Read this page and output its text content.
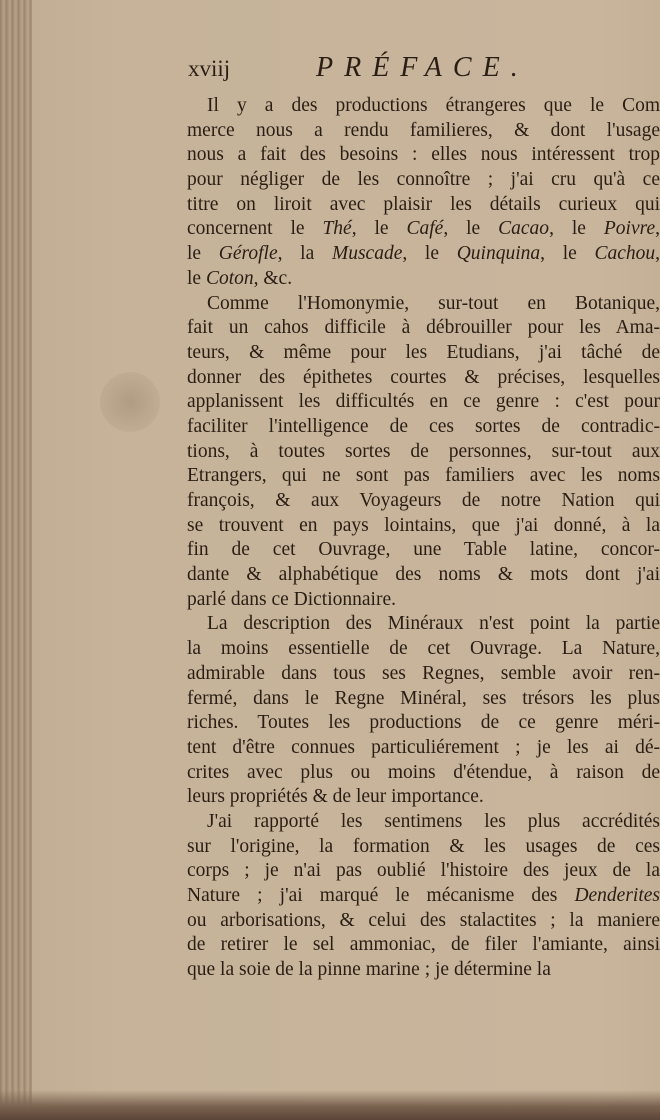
xviij	PRÉFACE.
Il y a des productions étrangeres que le Com
merce nous a rendu familieres, & dont l'usage
nous a fait des besoins : elles nous intéressent trop
pour négliger de les connoître ; j'ai cru qu'à ce
titre on liroit avec plaisir les détails curieux qui
concernent le Thé, le Café, le Cacao, le Poivre,
le Gérofle, la Muscade, le Quinquina, le Cachou,
le Coton, &c.
Comme l'Homonymie, sur-tout en Botanique,
fait un cahos difficile à débrouiller pour les Ama-
teurs, & même pour les Etudians, j'ai tâché de
donner des épithetes courtes & précises, lesquelles
applanissent les difficultés en ce genre : c'est pour
faciliter l'intelligence de ces sortes de contradic-
tions, à toutes sortes de personnes, sur-tout aux
Etrangers, qui ne sont pas familiers avec les noms
françois, & aux Voyageurs de notre Nation qui
se trouvent en pays lointains, que j'ai donné, à la
fin de cet Ouvrage, une Table latine, concor-
dante & alphabétique des noms & mots dont j'ai
parlé dans ce Dictionnaire.
La description des Minéraux n'est point la partie
la moins essentielle de cet Ouvrage. La Nature,
admirable dans tous ses Regnes, semble avoir ren-
fermé, dans le Regne Minéral, ses trésors les plus
riches. Toutes les productions de ce genre méri-
tent d'être connues particuliérement ; je les ai dé-
crites avec plus ou moins d'étendue, à raison de
leurs propriétés & de leur importance.
J'ai rapporté les sentimens les plus accrédités
sur l'origine, la formation & les usages de ces
corps ; je n'ai pas oublié l'histoire des jeux de la
Nature ; j'ai marqué le mécanisme des Denderites
ou arborisations, & celui des stalactites ; la maniere
de retirer le sel ammoniac, de filer l'amiante, ainsi
que la soie de la pinne marine ; je détermine la
